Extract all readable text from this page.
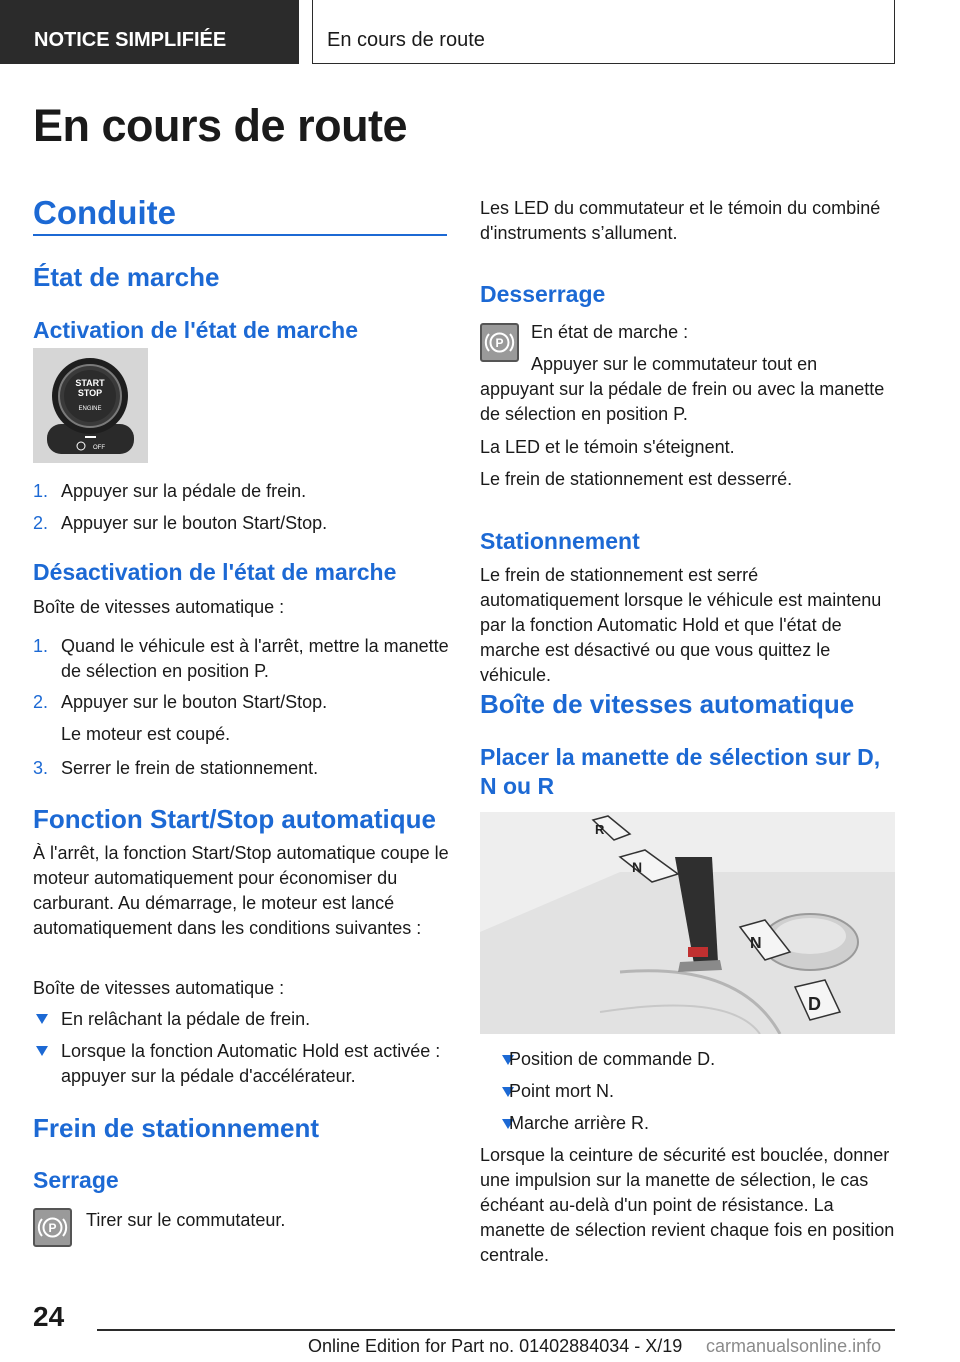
NOTICE SIMPLIFIÉE	En cours de route
En cours de route
Conduite
État de marche
Activation de l'état de marche
START
STOP
ENGINE
OFF
1. Appuyer sur la pédale de frein.
2. Appuyer sur le bouton Start/Stop.
Désactivation de l'état de marche
Boîte de vitesses automatique :
1. Quand le véhicule est à l'arrêt, mettre la manette de sélection en position P.
2. Appuyer sur le bouton Start/Stop.
Le moteur est coupé.
3. Serrer le frein de stationnement.
Fonction Start/Stop automatique
À l'arrêt, la fonction Start/Stop automatique coupe le moteur automatiquement pour économiser du carburant. Au démarrage, le moteur est lancé automatiquement dans les conditions suivantes :
Boîte de vitesses automatique :
En relâchant la pédale de frein.
Lorsque la fonction Automatic Hold est activée : appuyer sur la pédale d'accélérateur.
Frein de stationnement
Serrage
P Tirer sur le commutateur.
Les LED du commutateur et le témoin du combiné d'instruments s’allument.
Desserrage
P
En état de marche :
Appuyer sur le commutateur tout en appuyant sur la pédale de frein ou avec la manette de sélection en position P.
La LED et le témoin s'éteignent.
Le frein de stationnement est desserré.
Stationnement
Le frein de stationnement est serré automatiquement lorsque le véhicule est maintenu par la fonction Automatic Hold et que l'état de marche est désactivé ou que vous quittez le véhicule.
Boîte de vitesses automatique
Placer la manette de sélection sur D, N ou R
R
N
N
D
Position de commande D.
Point mort N.
Marche arrière R.
Lorsque la ceinture de sécurité est bouclée, donner une impulsion sur la manette de sélection, le cas échéant au-delà d'un point de résistance. La manette de sélection revient chaque fois en position centrale.
24
Online Edition for Part no. 01402884034 - X/19 carmanualsonline.info
